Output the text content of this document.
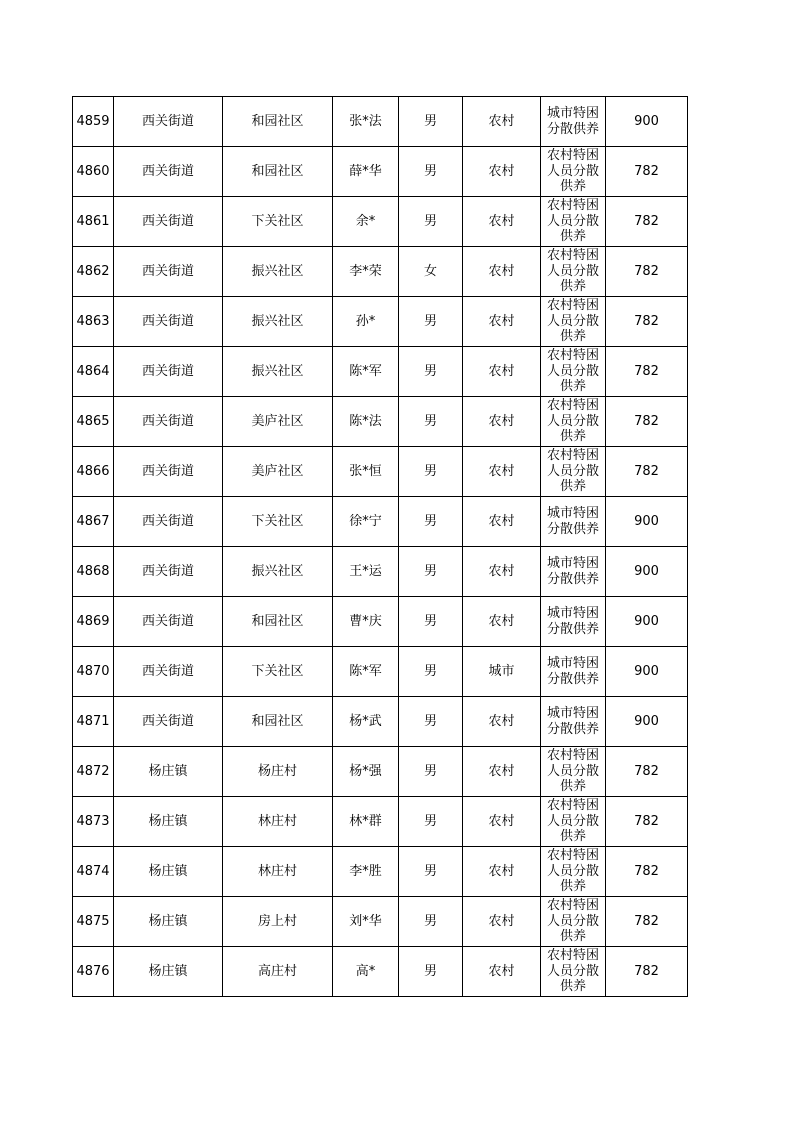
4859	西关街道	和园社区	张*法	男	农村	城市特困分散供养	900
4860	西关街道	和园社区	薛*华	男	农村	农村特困人员分散供养	782
4861	西关街道	下关社区	余*	男	农村	农村特困人员分散供养	782
4862	西关街道	振兴社区	李*荣	女	农村	农村特困人员分散供养	782
4863	西关街道	振兴社区	孙*	男	农村	农村特困人员分散供养	782
4864	西关街道	振兴社区	陈*军	男	农村	农村特困人员分散供养	782
4865	西关街道	美庐社区	陈*法	男	农村	农村特困人员分散供养	782
4866	西关街道	美庐社区	张*恒	男	农村	农村特困人员分散供养	782
4867	西关街道	下关社区	徐*宁	男	农村	城市特困分散供养	900
4868	西关街道	振兴社区	王*运	男	农村	城市特困分散供养	900
4869	西关街道	和园社区	曹*庆	男	农村	城市特困分散供养	900
4870	西关街道	下关社区	陈*军	男	城市	城市特困分散供养	900
4871	西关街道	和园社区	杨*武	男	农村	城市特困分散供养	900
4872	杨庄镇	杨庄村	杨*强	男	农村	农村特困人员分散供养	782
4873	杨庄镇	林庄村	林*群	男	农村	农村特困人员分散供养	782
4874	杨庄镇	林庄村	李*胜	男	农村	农村特困人员分散供养	782
4875	杨庄镇	房上村	刘*华	男	农村	农村特困人员分散供养	782
4876	杨庄镇	高庄村	高*	男	农村	农村特困人员分散供养	782
